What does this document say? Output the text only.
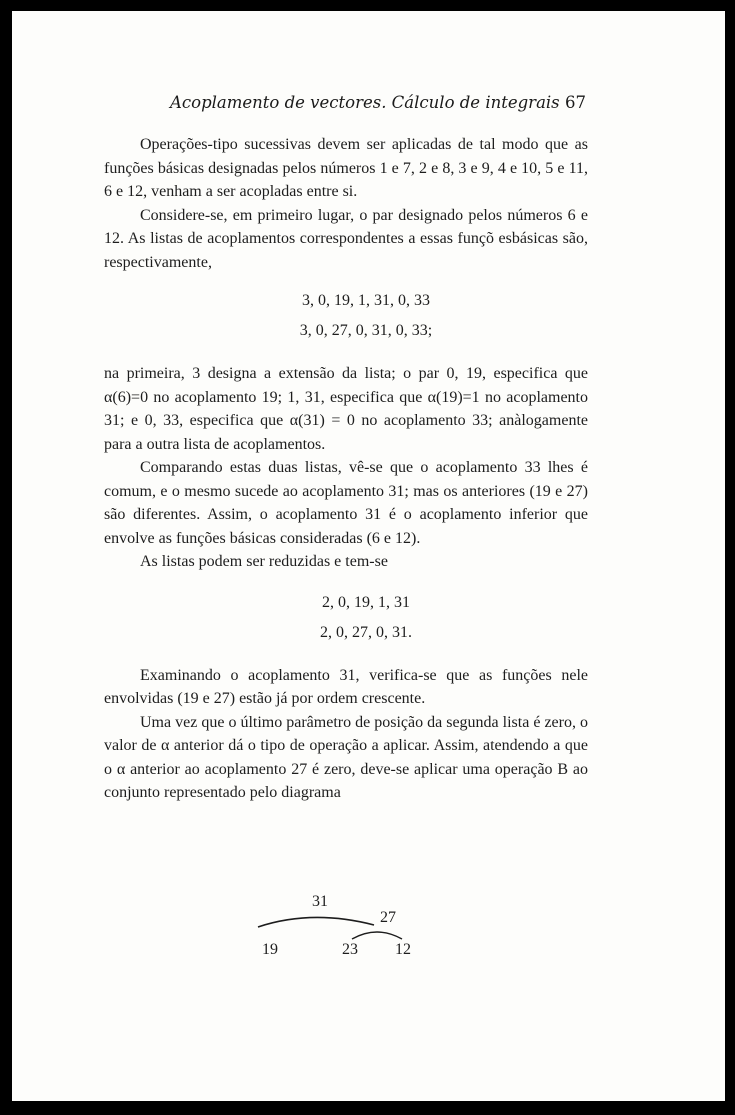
Acoplamento de vectores. Cálculo de integrais 67

Operações-tipo sucessivas devem ser aplicadas de tal modo que as funções básicas designadas pelos números 1 e 7, 2 e 8, 3 e 9, 4 e 10, 5 e 11, 6 e 12, venham a ser acopladas entre si.

Considere-se, em primeiro lugar, o par designado pelos números 6 e 12. As listas de acoplamentos correspondentes a essas funçõ esbásicas são, respectivamente,

3, 0, 19, 1, 31, 0, 33
3, 0, 27, 0, 31, 0, 33;

na primeira, 3 designa a extensão da lista; o par 0, 19, especifica que α(6)=0 no acoplamento 19; 1, 31, especifica que α(19)=1 no acoplamento 31; e 0, 33, especifica que α(31) = 0 no acoplamento 33; anàlogamente para a outra lista de acoplamentos.

Comparando estas duas listas, vê-se que o acoplamento 33 lhes é comum, e o mesmo sucede ao acoplamento 31; mas os anteriores (19 e 27) são diferentes. Assim, o acoplamento 31 é o acoplamento inferior que envolve as funções básicas consideradas (6 e 12).

As listas podem ser reduzidas e tem-se

2, 0, 19, 1, 31
2, 0, 27, 0, 31.

Examinando o acoplamento 31, verifica-se que as funções nele envolvidas (19 e 27) estão já por ordem crescente.

Uma vez que o último parâmetro de posição da segunda lista é zero, o valor de α anterior dá o tipo de operação a aplicar. Assim, atendendo a que o α anterior ao acoplamento 27 é zero, deve-se aplicar uma operação B ao conjunto representado pelo diagrama

31
27
19	23 12
